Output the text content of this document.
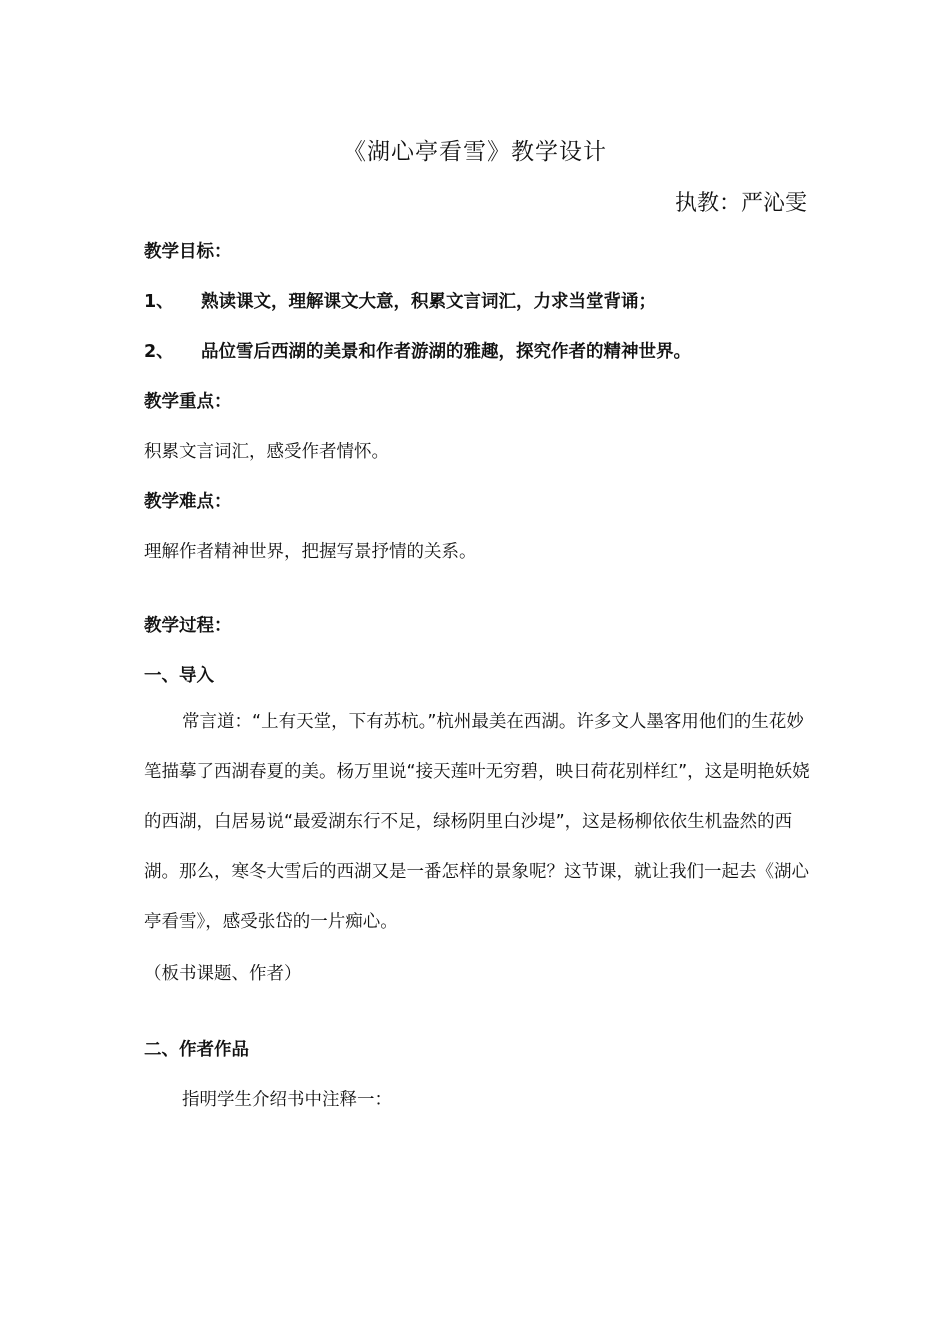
《湖心亭看雪》教学设计
执教：严沁雯
教学目标：
1、 熟读课文，理解课文大意，积累文言词汇，力求当堂背诵；
2、 品位雪后西湖的美景和作者游湖的雅趣，探究作者的精神世界。
教学重点：
积累文言词汇，感受作者情怀。
教学难点：
理解作者精神世界，把握写景抒情的关系。
教学过程：
一、导入
常言道：“上有天堂，下有苏杭。”杭州最美在西湖。许多文人墨客用他们的生花妙笔描摹了西湖春夏的美。杨万里说“接天莲叶无穷碧，映日荷花别样红”，这是明艳妖娆的西湖，白居易说“最爱湖东行不足，绿杨阴里白沙堤”，这是杨柳依依生机盎然的西湖。那么，寒冬大雪后的西湖又是一番怎样的景象呢？这节课，就让我们一起去《湖心亭看雪》，感受张岱的一片痴心。
（板书课题、作者）
二、作者作品
指明学生介绍书中注释一：
